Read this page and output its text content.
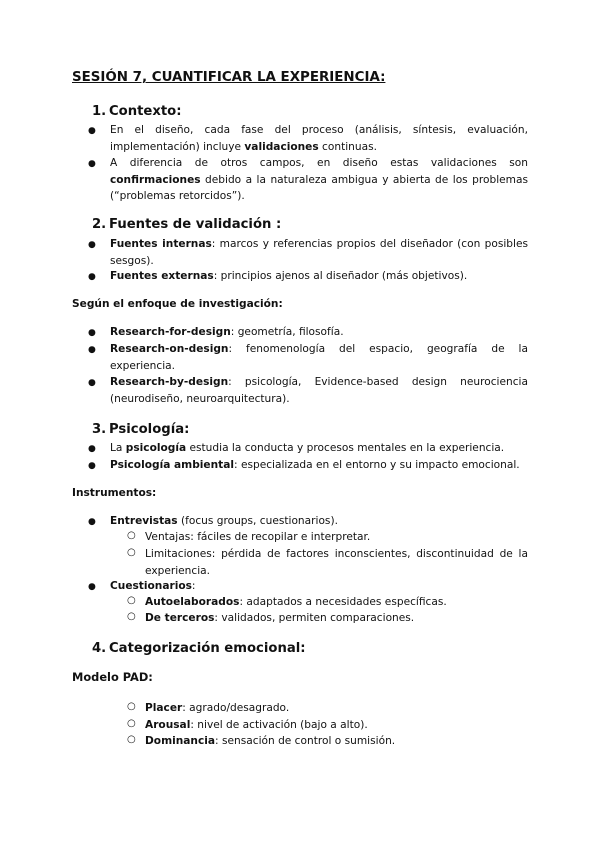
SESIÓN 7, CUANTIFICAR LA EXPERIENCIA:
1. Contexto:
● En el diseño, cada fase del proceso (análisis, síntesis, evaluación, implementación) incluye validaciones continuas.
● A diferencia de otros campos, en diseño estas validaciones son confirmaciones debido a la naturaleza ambigua y abierta de los problemas (“problemas retorcidos”).
2. Fuentes de validación :
● Fuentes internas: marcos y referencias propios del diseñador (con posibles sesgos).
● Fuentes externas: principios ajenos al diseñador (más objetivos).
Según el enfoque de investigación:
● Research-for-design: geometría, filosofía.
● Research-on-design: fenomenología del espacio, geografía de la experiencia.
● Research-by-design: psicología, Evidence-based design neurociencia (neurodiseño, neuroarquitectura).
3. Psicología:
● La psicología estudia la conducta y procesos mentales en la experiencia.
● Psicología ambiental: especializada en el entorno y su impacto emocional.
Instrumentos:
● Entrevistas (focus groups, cuestionarios).
○ Ventajas: fáciles de recopilar e interpretar.
○ Limitaciones: pérdida de factores inconscientes, discontinuidad de la experiencia.
● Cuestionarios:
○ Autoelaborados: adaptados a necesidades específicas.
○ De terceros: validados, permiten comparaciones.
4. Categorización emocional:
Modelo PAD:
○ Placer: agrado/desagrado.
○ Arousal: nivel de activación (bajo a alto).
○ Dominancia: sensación de control o sumisión.
